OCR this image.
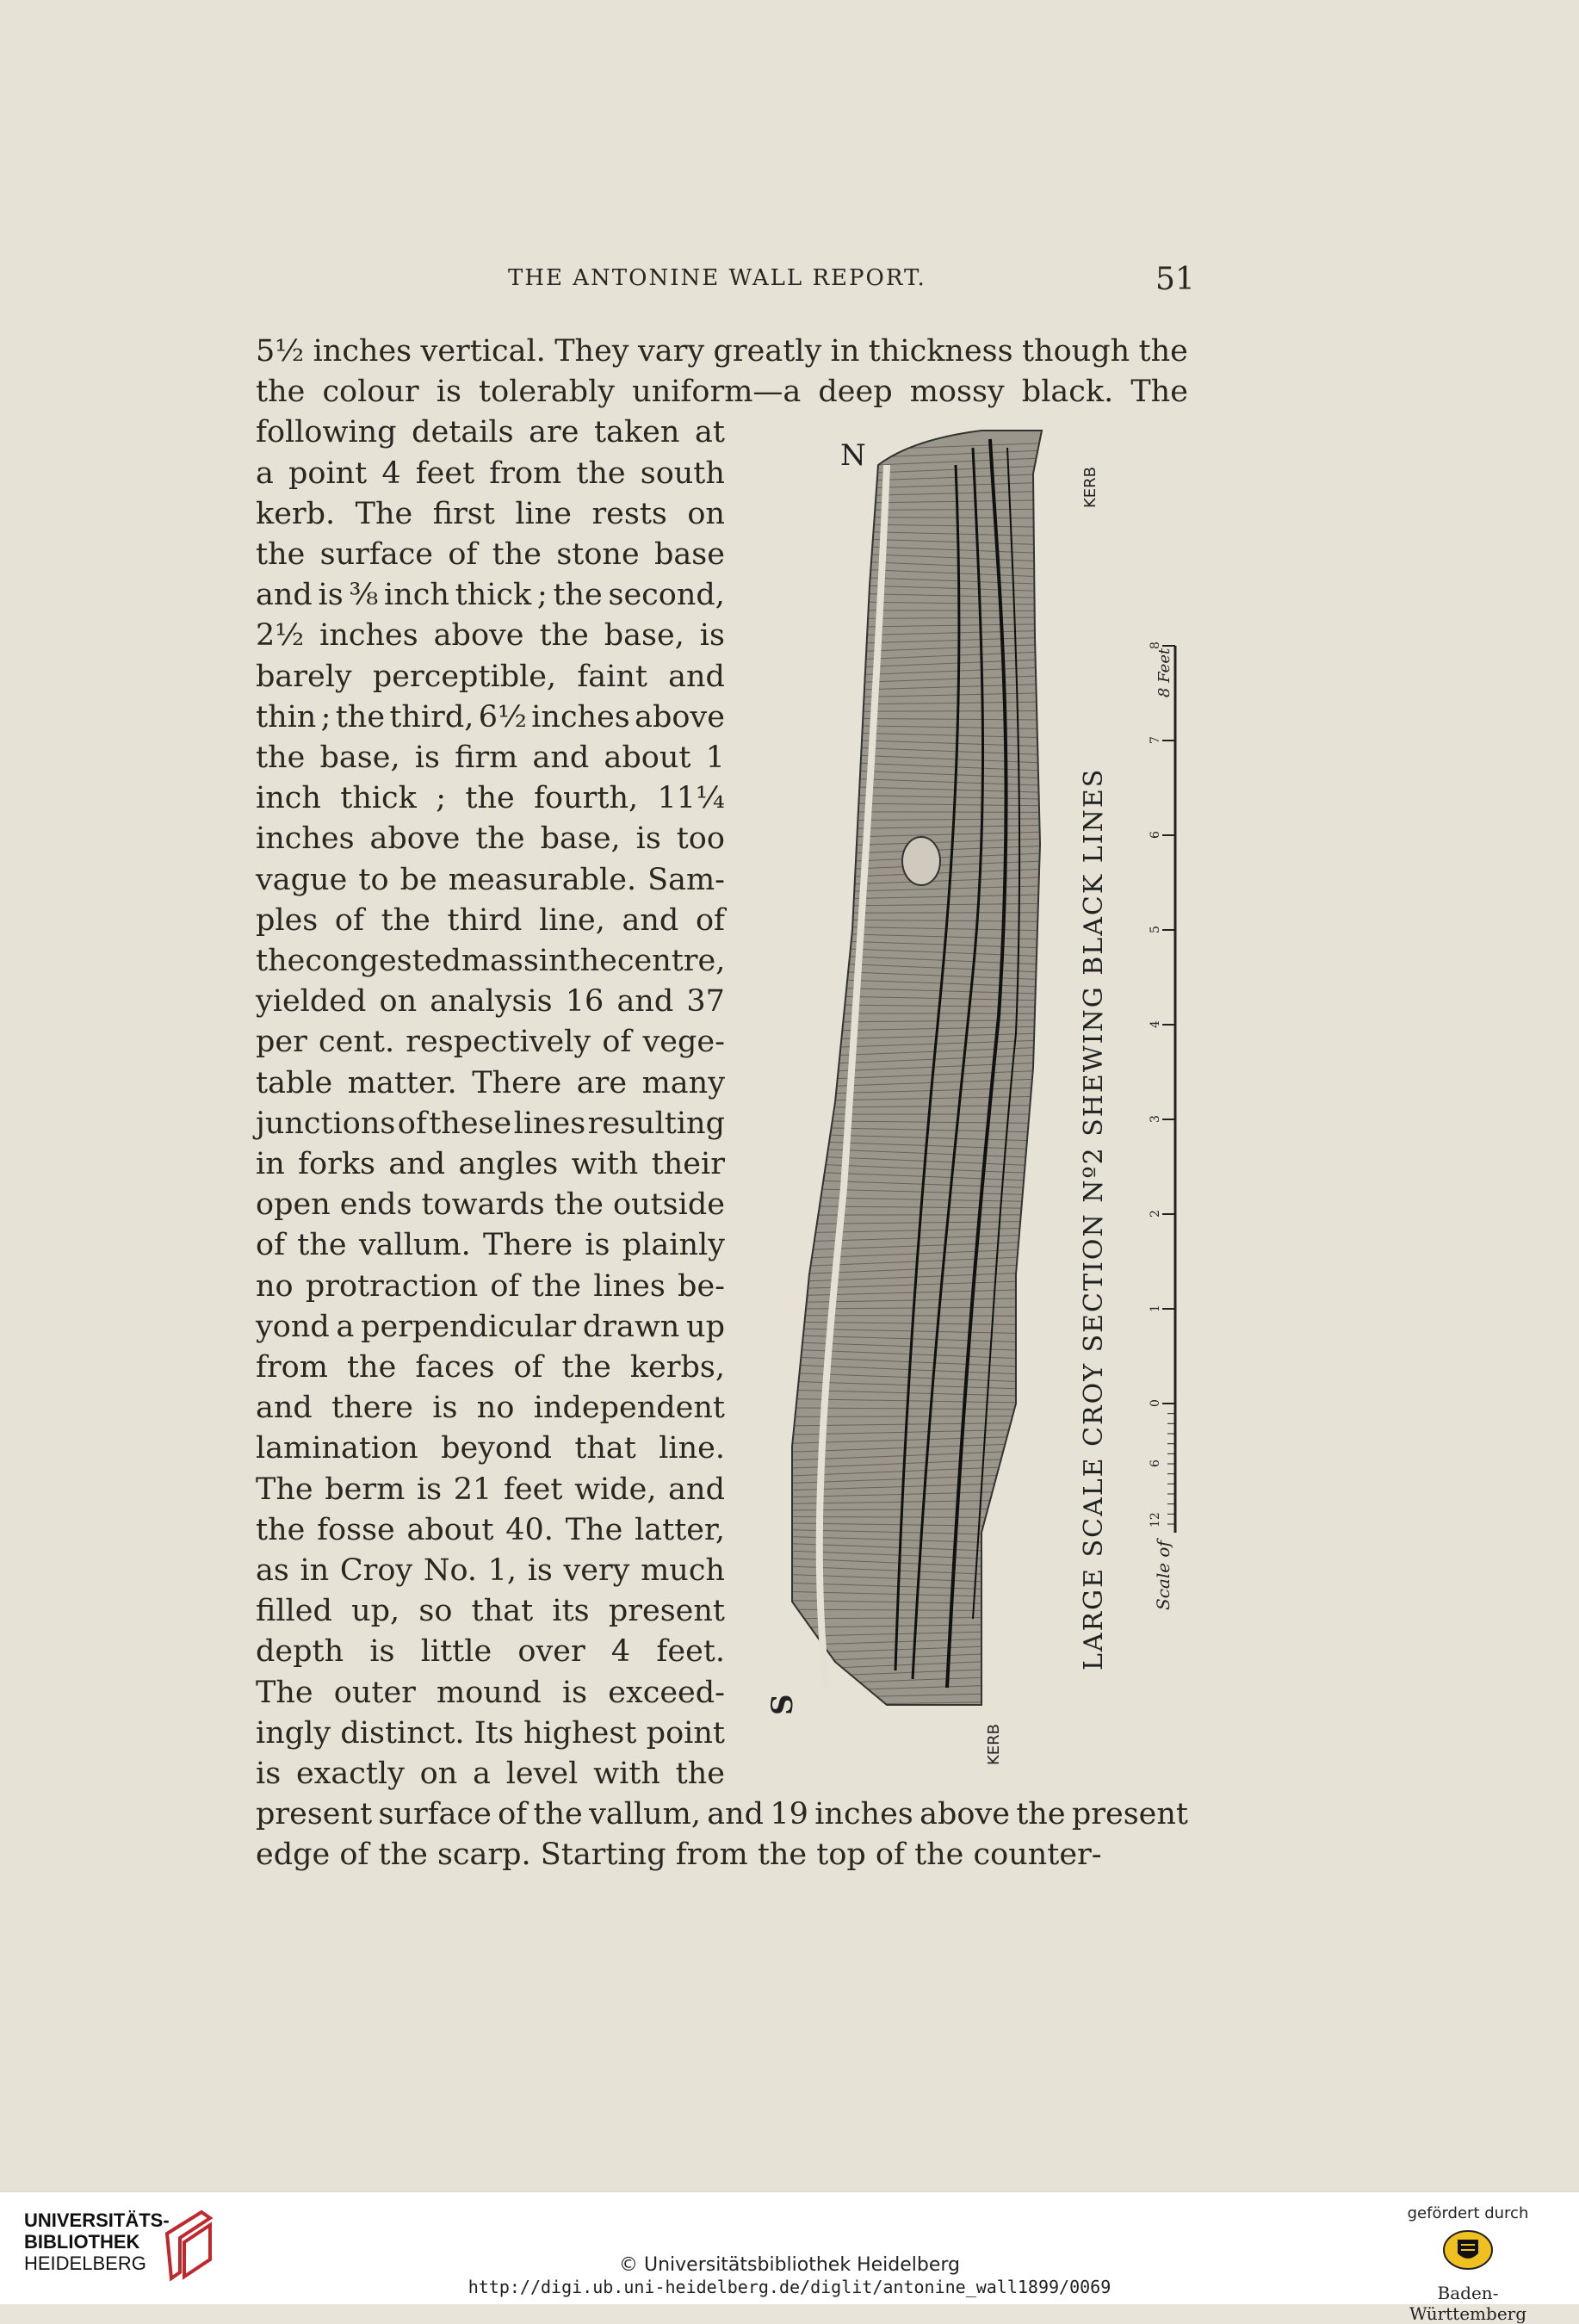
THE ANTONINE WALL REPORT.	51
5½ inches vertical. They vary greatly in thickness though the
the colour is tolerably uniform—a deep mossy black. The
following details are taken at
a point 4 feet from the south
kerb. The first line rests on
the surface of the stone base
and is ⅜ inch thick ; the second,
2½ inches above the base, is
barely perceptible, faint and
thin ; the third, 6½ inches above
the base, is firm and about 1
inch thick ; the fourth, 11¼
inches above the base, is too
vague to be measurable. Sam-
ples of the third line, and of
the congested mass in the centre,
yielded on analysis 16 and 37
per cent. respectively of vege-
table matter. There are many
junctions of these lines resulting
in forks and angles with their
open ends towards the outside
of the vallum. There is plainly
no protraction of the lines be-
yond a perpendicular drawn up
from the faces of the kerbs,
and there is no independent
lamination beyond that line.
The berm is 21 feet wide, and
the fosse about 40. The latter,
as in Croy No. 1, is very much
filled up, so that its present
depth is little over 4 feet.
The outer mound is exceed-
ingly distinct. Its highest point
is exactly on a level with the
present surface of the vallum, and 19 inches above the present
edge of the scarp. Starting from the top of the counter-
N
S
KERB
KERB
LARGE SCALE CROY SECTION Nº2 SHEWING BLACK LINES	0
1
2
3
4
5
6
7
8
12
6
Scale of
8 Feet
UNIVERSITÄTS-
BIBLIOTHEK
HEIDELBERG	© Universitätsbibliothek Heidelberg
http://digi.ub.uni-heidelberg.de/diglit/antonine_wall1899/0069
gefördert durch
Baden-Württemberg
